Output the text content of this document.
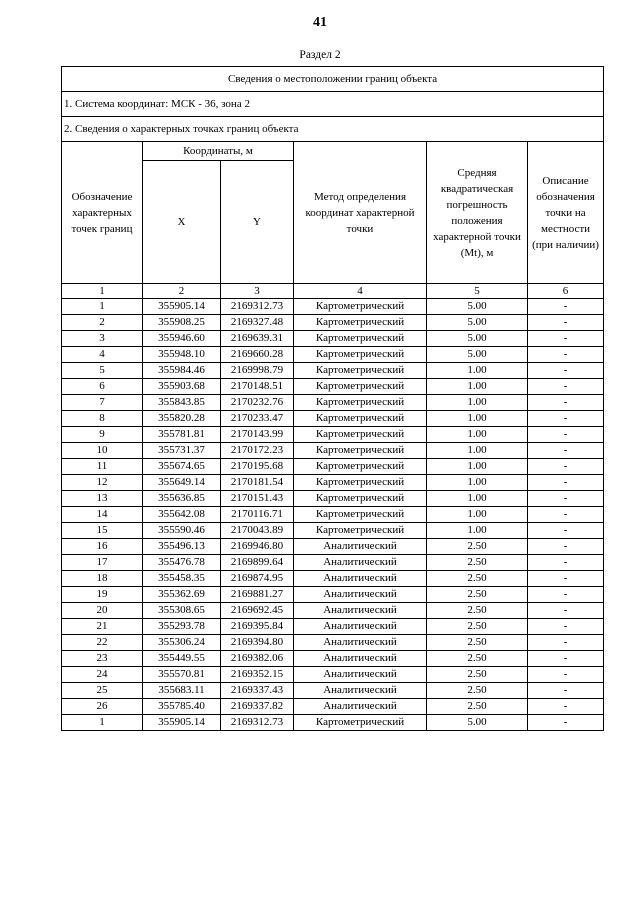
41
Раздел 2
Сведения о местоположении границ объекта					
1. Система координат: МСК - 36, зона 2					
2. Сведения о характерных точках границ объекта					
Обозначение характерных точек границ	Координаты, м		Метод определения координат характерной точки	Средняя квадратическая погрешность положения характерной точки (Mt), м	Описание обозначения точки на местности (при наличии)
	X	Y			
1	2	3	4	5	6
1	355905.14	2169312.73	Картометрический	5.00	-
2	355908.25	2169327.48	Картометрический	5.00	-
3	355946.60	2169639.31	Картометрический	5.00	-
4	355948.10	2169660.28	Картометрический	5.00	-
5	355984.46	2169998.79	Картометрический	1.00	-
6	355903.68	2170148.51	Картометрический	1.00	-
7	355843.85	2170232.76	Картометрический	1.00	-
8	355820.28	2170233.47	Картометрический	1.00	-
9	355781.81	2170143.99	Картометрический	1.00	-
10	355731.37	2170172.23	Картометрический	1.00	-
11	355674.65	2170195.68	Картометрический	1.00	-
12	355649.14	2170181.54	Картометрический	1.00	-
13	355636.85	2170151.43	Картометрический	1.00	-
14	355642.08	2170116.71	Картометрический	1.00	-
15	355590.46	2170043.89	Картометрический	1.00	-
16	355496.13	2169946.80	Аналитический	2.50	-
17	355476.78	2169899.64	Аналитический	2.50	-
18	355458.35	2169874.95	Аналитический	2.50	-
19	355362.69	2169881.27	Аналитический	2.50	-
20	355308.65	2169692.45	Аналитический	2.50	-
21	355293.78	2169395.84	Аналитический	2.50	-
22	355306.24	2169394.80	Аналитический	2.50	-
23	355449.55	2169382.06	Аналитический	2.50	-
24	355570.81	2169352.15	Аналитический	2.50	-
25	355683.11	2169337.43	Аналитический	2.50	-
26	355785.40	2169337.82	Аналитический	2.50	-
1	355905.14	2169312.73	Картометрический	5.00	-
